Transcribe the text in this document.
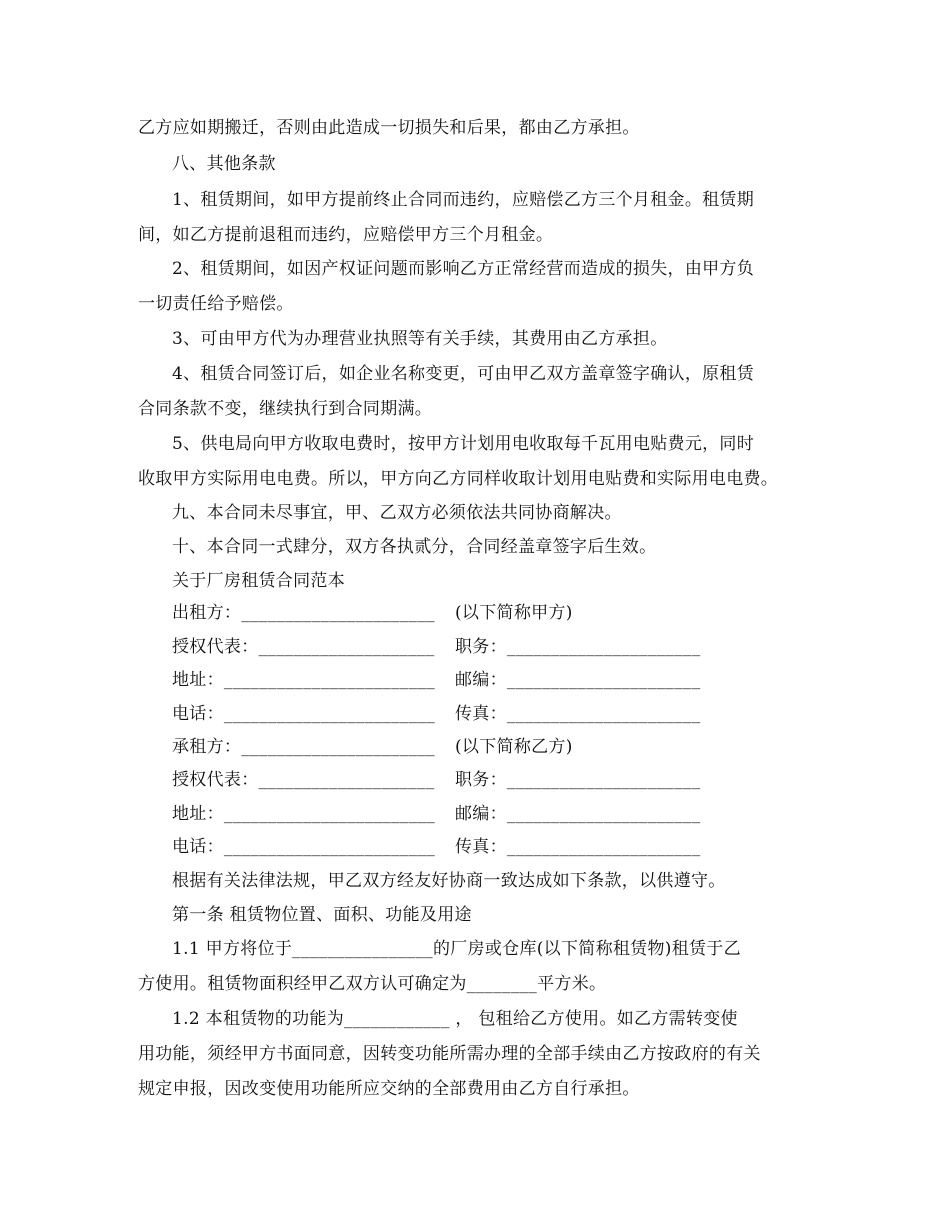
乙方应如期搬迁，否则由此造成一切损失和后果，都由乙方承担。
八、其他条款
1、租赁期间，如甲方提前终止合同而违约，应赔偿乙方三个月租金。租赁期
间，如乙方提前退租而违约，应赔偿甲方三个月租金。
2、租赁期间，如因产权证问题而影响乙方正常经营而造成的损失，由甲方负
一切责任给予赔偿。
3、可由甲方代为办理营业执照等有关手续，其费用由乙方承担。
4、租赁合同签订后，如企业名称变更，可由甲乙双方盖章签字确认，原租赁
合同条款不变，继续执行到合同期满。
5、供电局向甲方收取电费时，按甲方计划用电收取每千瓦用电贴费元，同时
收取甲方实际用电电费。所以，甲方向乙方同样收取计划用电贴费和实际用电电费。
九、本合同未尽事宜，甲、乙双方必须依法共同协商解决。
十、本合同一式肆分，双方各执贰分，合同经盖章签字后生效。
关于厂房租赁合同范本
出租方：______________________ (以下简称甲方)
授权代表：____________________ 职务：______________________
地址：________________________ 邮编：______________________
电话：________________________ 传真：______________________
承租方：______________________ (以下简称乙方)
授权代表：____________________ 职务：______________________
地址：________________________ 邮编：______________________
电话：________________________ 传真：______________________
根据有关法律法规，甲乙双方经友好协商一致达成如下条款，以供遵守。
第一条 租赁物位置、面积、功能及用途
1.1 甲方将位于________________的厂房或仓库(以下简称租赁物)租赁于乙
方使用。租赁物面积经甲乙双方认可确定为________平方米。
1.2 本租赁物的功能为____________ ， 包租给乙方使用。如乙方需转变使
用功能，须经甲方书面同意，因转变功能所需办理的全部手续由乙方按政府的有关
规定申报，因改变使用功能所应交纳的全部费用由乙方自行承担。
